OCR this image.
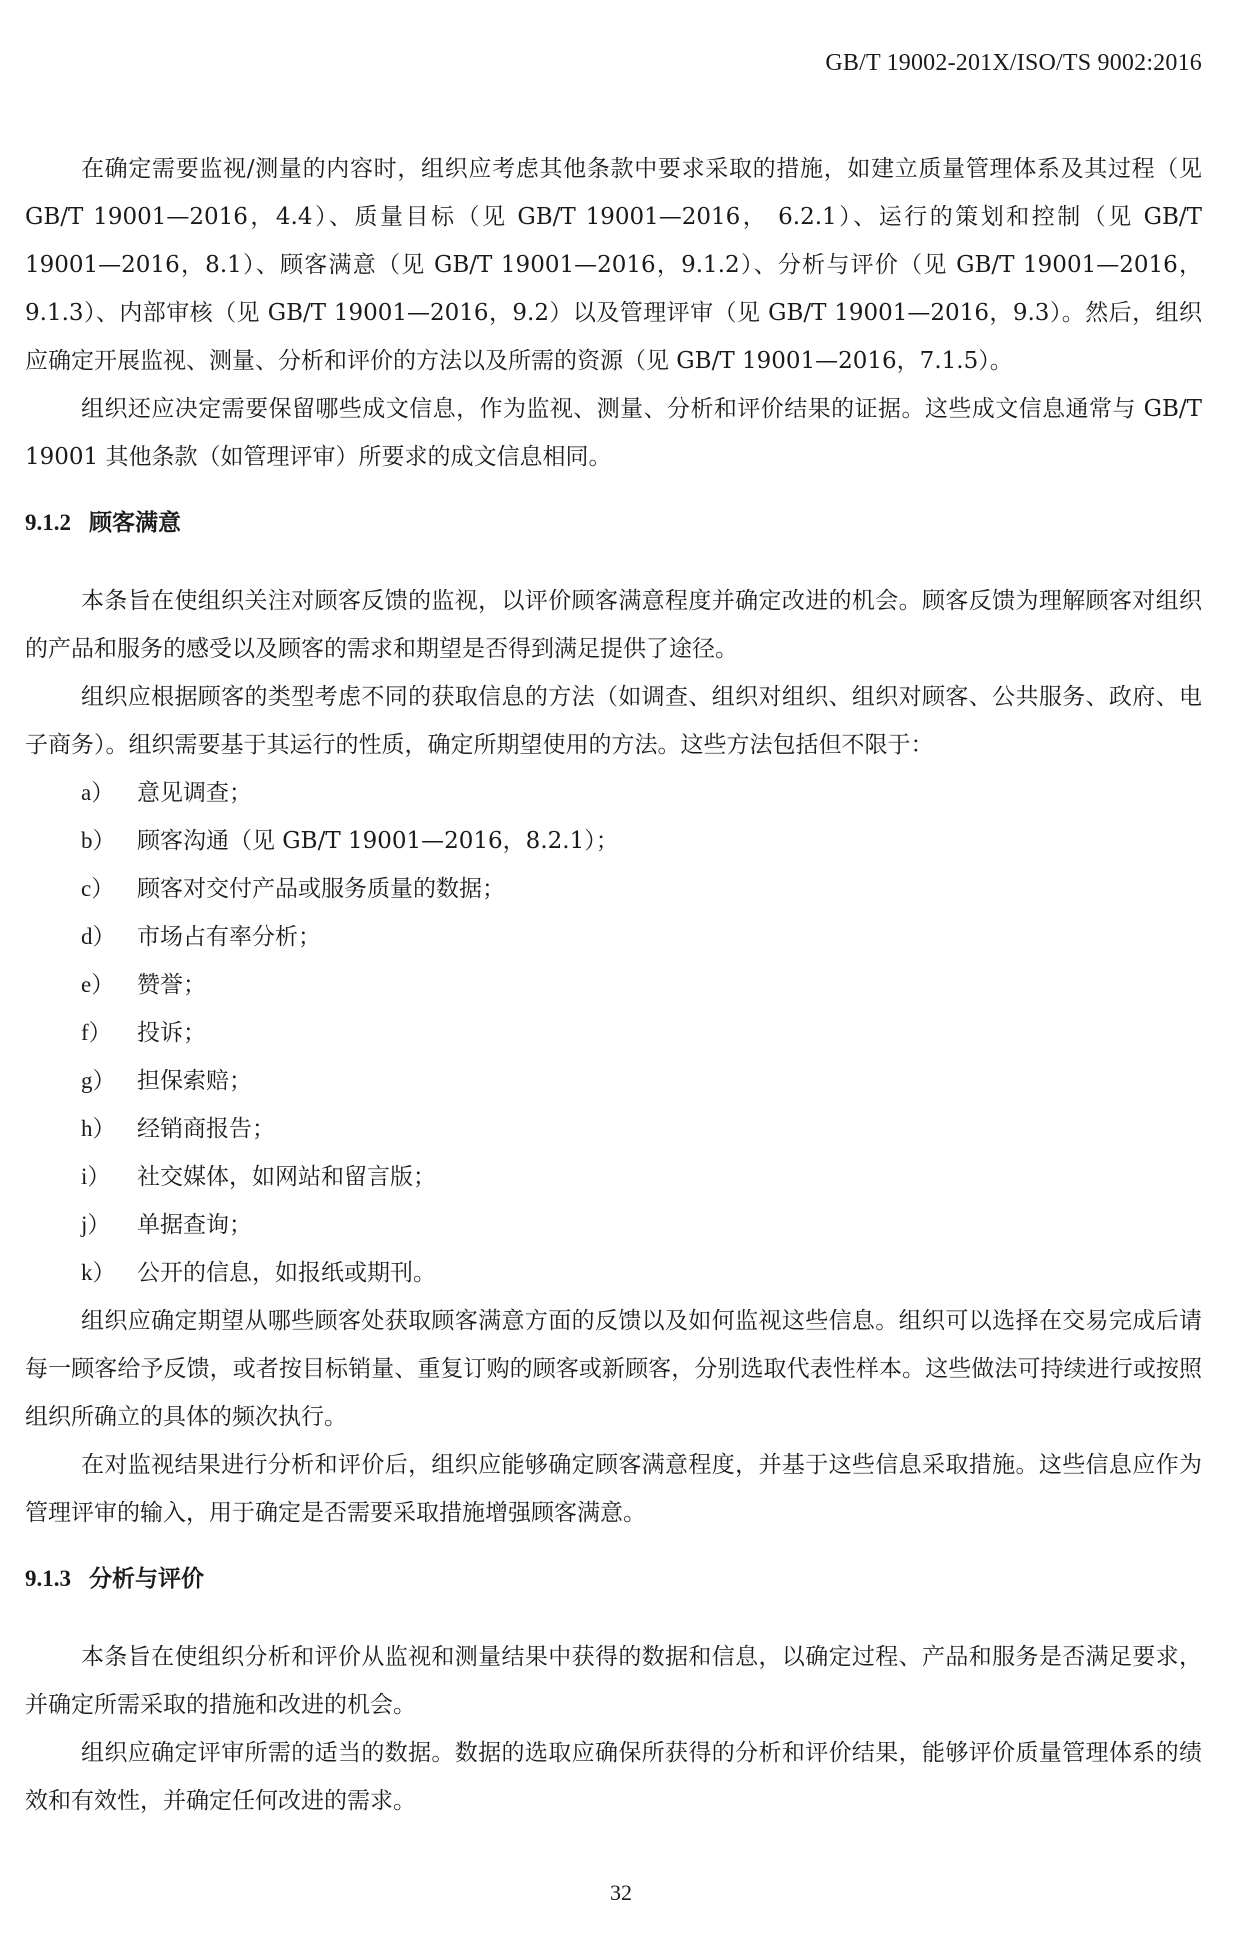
GB/T 19002-201X/ISO/TS 9002:2016

在确定需要监视/测量的内容时，组织应考虑其他条款中要求采取的措施，如建立质量管理体系及其过程（见 GB/T 19001—2016，4.4）、质量目标（见 GB/T 19001—2016， 6.2.1）、运行的策划和控制（见 GB/T 19001—2016，8.1）、顾客满意（见 GB/T 19001—2016，9.1.2）、分析与评价（见 GB/T 19001—2016，9.1.3）、内部审核（见 GB/T 19001—2016，9.2）以及管理评审（见 GB/T 19001—2016，9.3）。然后，组织应确定开展监视、测量、分析和评价的方法以及所需的资源（见 GB/T 19001—2016，7.1.5）。

组织还应决定需要保留哪些成文信息，作为监视、测量、分析和评价结果的证据。这些成文信息通常与 GB/T 19001 其他条款（如管理评审）所要求的成文信息相同。

9.1.2 顾客满意

本条旨在使组织关注对顾客反馈的监视，以评价顾客满意程度并确定改进的机会。顾客反馈为理解顾客对组织的产品和服务的感受以及顾客的需求和期望是否得到满足提供了途径。

组织应根据顾客的类型考虑不同的获取信息的方法（如调查、组织对组织、组织对顾客、公共服务、政府、电子商务）。组织需要基于其运行的性质，确定所期望使用的方法。这些方法包括但不限于：

a） 意见调查；
b） 顾客沟通（见 GB/T 19001—2016，8.2.1）；
c） 顾客对交付产品或服务质量的数据；
d） 市场占有率分析；
e） 赞誉；
f） 投诉；
g） 担保索赔；
h） 经销商报告；
i） 社交媒体，如网站和留言版；
j） 单据查询；
k） 公开的信息，如报纸或期刊。

组织应确定期望从哪些顾客处获取顾客满意方面的反馈以及如何监视这些信息。组织可以选择在交易完成后请每一顾客给予反馈，或者按目标销量、重复订购的顾客或新顾客，分别选取代表性样本。这些做法可持续进行或按照组织所确立的具体的频次执行。

在对监视结果进行分析和评价后，组织应能够确定顾客满意程度，并基于这些信息采取措施。这些信息应作为管理评审的输入，用于确定是否需要采取措施增强顾客满意。

9.1.3 分析与评价

本条旨在使组织分析和评价从监视和测量结果中获得的数据和信息，以确定过程、产品和服务是否满足要求，并确定所需采取的措施和改进的机会。

组织应确定评审所需的适当的数据。数据的选取应确保所获得的分析和评价结果，能够评价质量管理体系的绩效和有效性，并确定任何改进的需求。

32
